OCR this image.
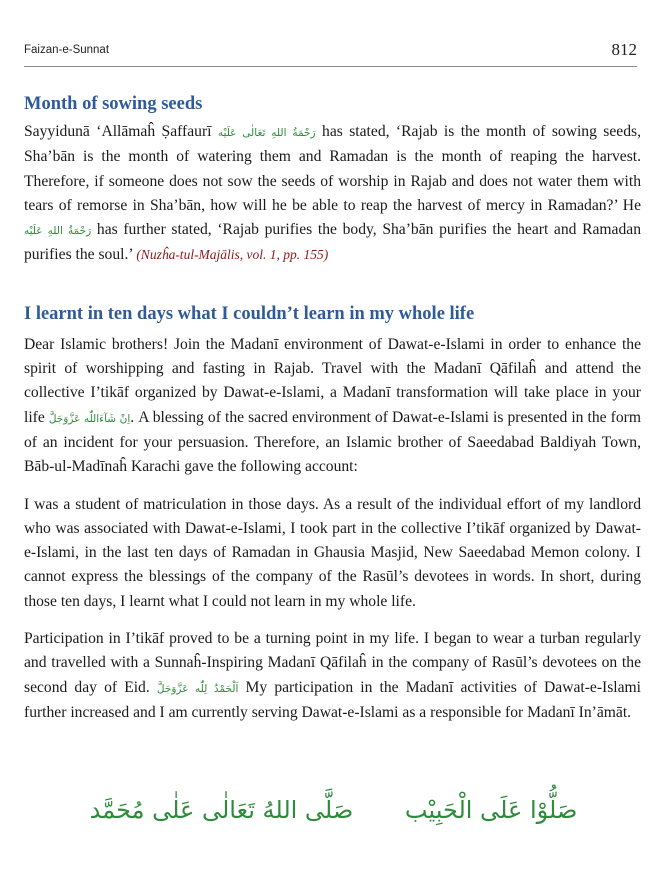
Faizan-e-Sunnat	812
Month of sowing seeds

Sayyidunā ‘Allāmaĥ Ṣaffaurī رَحْمَةُ اللهِ تَعَالٰی عَلَيْه has stated, ‘Rajab is the month of sowing seeds, Sha’bān is the month of watering them and Ramadan is the month of reaping the harvest. Therefore, if someone does not sow the seeds of worship in Rajab and does not water them with tears of remorse in Sha’bān, how will he be able to reap the harvest of mercy in Ramadan?’ He رَحْمَةُ اللهِ عَلَيْه has further stated, ‘Rajab purifies the body, Sha’bān purifies the heart and Ramadan purifies the soul.’ (Nuzĥa-tul-Majālis, vol. 1, pp. 155)

I learnt in ten days what I couldn’t learn in my whole life

Dear Islamic brothers! Join the Madanī environment of Dawat-e-Islami in order to enhance the spirit of worshipping and fasting in Rajab. Travel with the Madanī Qāfilaĥ and attend the collective I’tikāf organized by Dawat-e-Islami, a Madanī transformation will take place in your life اِنْ شَآءَاللّٰه عَزَّوَجَلَّ. A blessing of the sacred environment of Dawat-e-Islami is presented in the form of an incident for your persuasion. Therefore, an Islamic brother of Saeedabad Baldiyah Town, Bāb-ul-Madīnaĥ Karachi gave the following account:

I was a student of matriculation in those days. As a result of the individual effort of my landlord who was associated with Dawat-e-Islami, I took part in the collective I’tikāf organized by Dawat-e-Islami, in the last ten days of Ramadan in Ghausia Masjid, New Saeedabad Memon colony. I cannot express the blessings of the company of the Rasūl’s devotees in words. In short, during those ten days, I learnt what I could not learn in my whole life.

Participation in I’tikāf proved to be a turning point in my life. I began to wear a turban regularly and travelled with a Sunnaĥ-Inspiring Madanī Qāfilaĥ in the company of Rasūl’s devotees on the second day of Eid. اَلْحَمْدُ لِلّٰه عَزَّوَجَلَّ My participation in the Madanī activities of Dawat-e-Islami further increased and I am currently serving Dawat-e-Islami as a responsible for Madanī In’āmāt.

صَلُّوْا عَلَى الْحَبِيْب صَلَّى اللهُ تَعَالٰى عَلٰى مُحَمَّد
